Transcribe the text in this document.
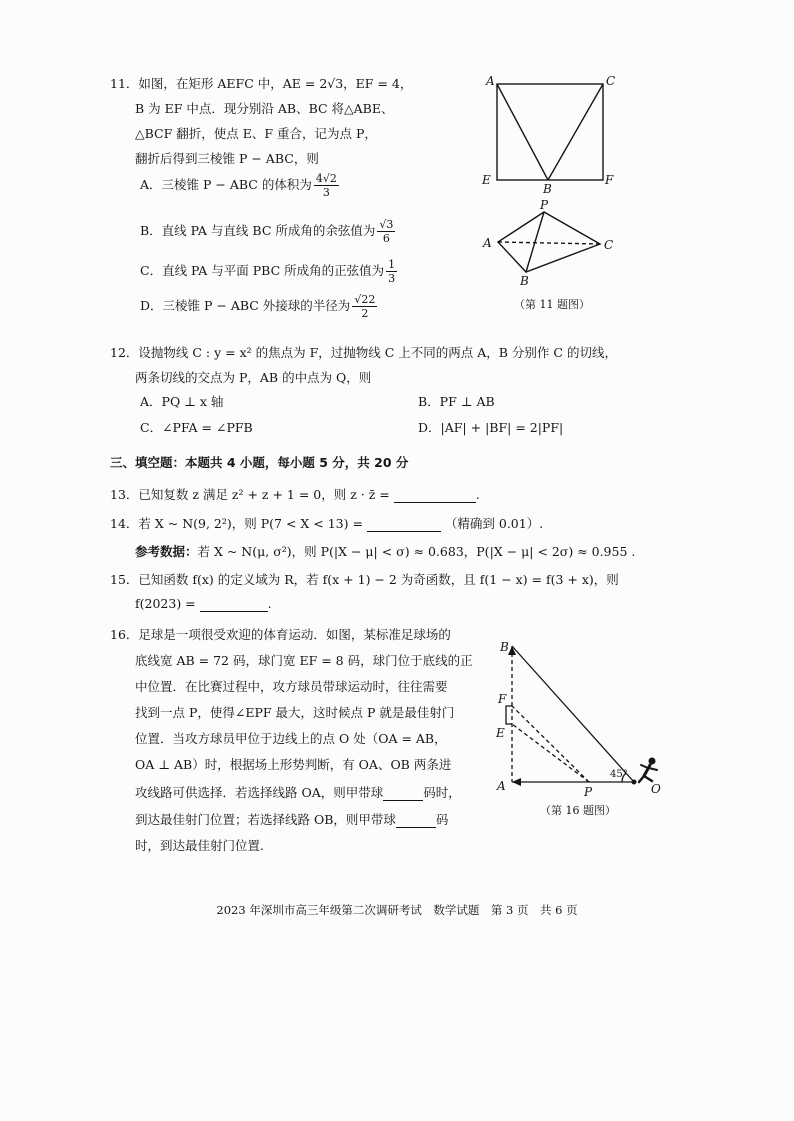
11．如图，在矩形 AEFC 中，AE = 2√3，EF = 4，
B 为 EF 中点．现分别沿 AB、BC 将△ABE、
△BCF 翻折，使点 E、F 重合，记为点 P，
翻折后得到三棱锥 P − ABC，则
A．三棱锥 P − ABC 的体积为 $\frac{4√2}{3}$
B．直线 PA 与直线 BC 所成角的余弦值为 $\frac{√3}{6}$
C．直线 PA 与平面 PBC 所成角的正弦值为 $\frac{1}{3}$
D．三棱锥 P − ABC 外接球的半径为 $\frac{√22}{2}$
A	C
E
B
F
P
A	C
B
（第 11 题图）
12．设抛物线 C : y = x² 的焦点为 F，过抛物线 C 上不同的两点 A，B 分别作 C 的切线，
两条切线的交点为 P，AB 的中点为 Q，则
A．PQ ⊥ x 轴	B．PF ⊥ AB
C．∠PFA = ∠PFB	D．|AF| + |BF| = 2|PF|
三、填空题：本题共 4 小题，每小题 5 分，共 20 分
13．已知复数 z 满足 z² + z + 1 = 0，则 z · z̄ =	.
14．若 X ~ N(9, 2²)，则 P(7 < X < 13) =	（精确到 0.01）.
参考数据：若 X ~ N(μ, σ²)，则 P(|X − μ| < σ) ≈ 0.683，P(|X − μ| < 2σ) ≈ 0.955 .
15．已知函数 f(x) 的定义域为 R，若 f(x + 1) − 2 为奇函数，且 f(1 − x) = f(3 + x)，则
f(2023) =	.
16．足球是一项很受欢迎的体育运动．如图，某标准足球场的
底线宽 AB = 72 码，球门宽 EF = 8 码，球门位于底线的正
中位置．在比赛过程中，攻方球员带球运动时，往往需要
找到一点 P，使得∠EPF 最大，这时候点 P 就是最佳射门
位置．当攻方球员甲位于边线上的点 O 处（OA = AB，
OA ⊥ AB）时，根据场上形势判断，有 OA、OB 两条进
攻线路可供选择．若选择线路 OA，则甲带球	码时，
到达最佳射门位置；若选择线路 OB，则甲带球	码
时，到达最佳射门位置.
B
F
E
A	P	O
45°
（第 16 题图）
2023 年深圳市高三年级第二次调研考试　数学试题　第 3 页　共 6 页
